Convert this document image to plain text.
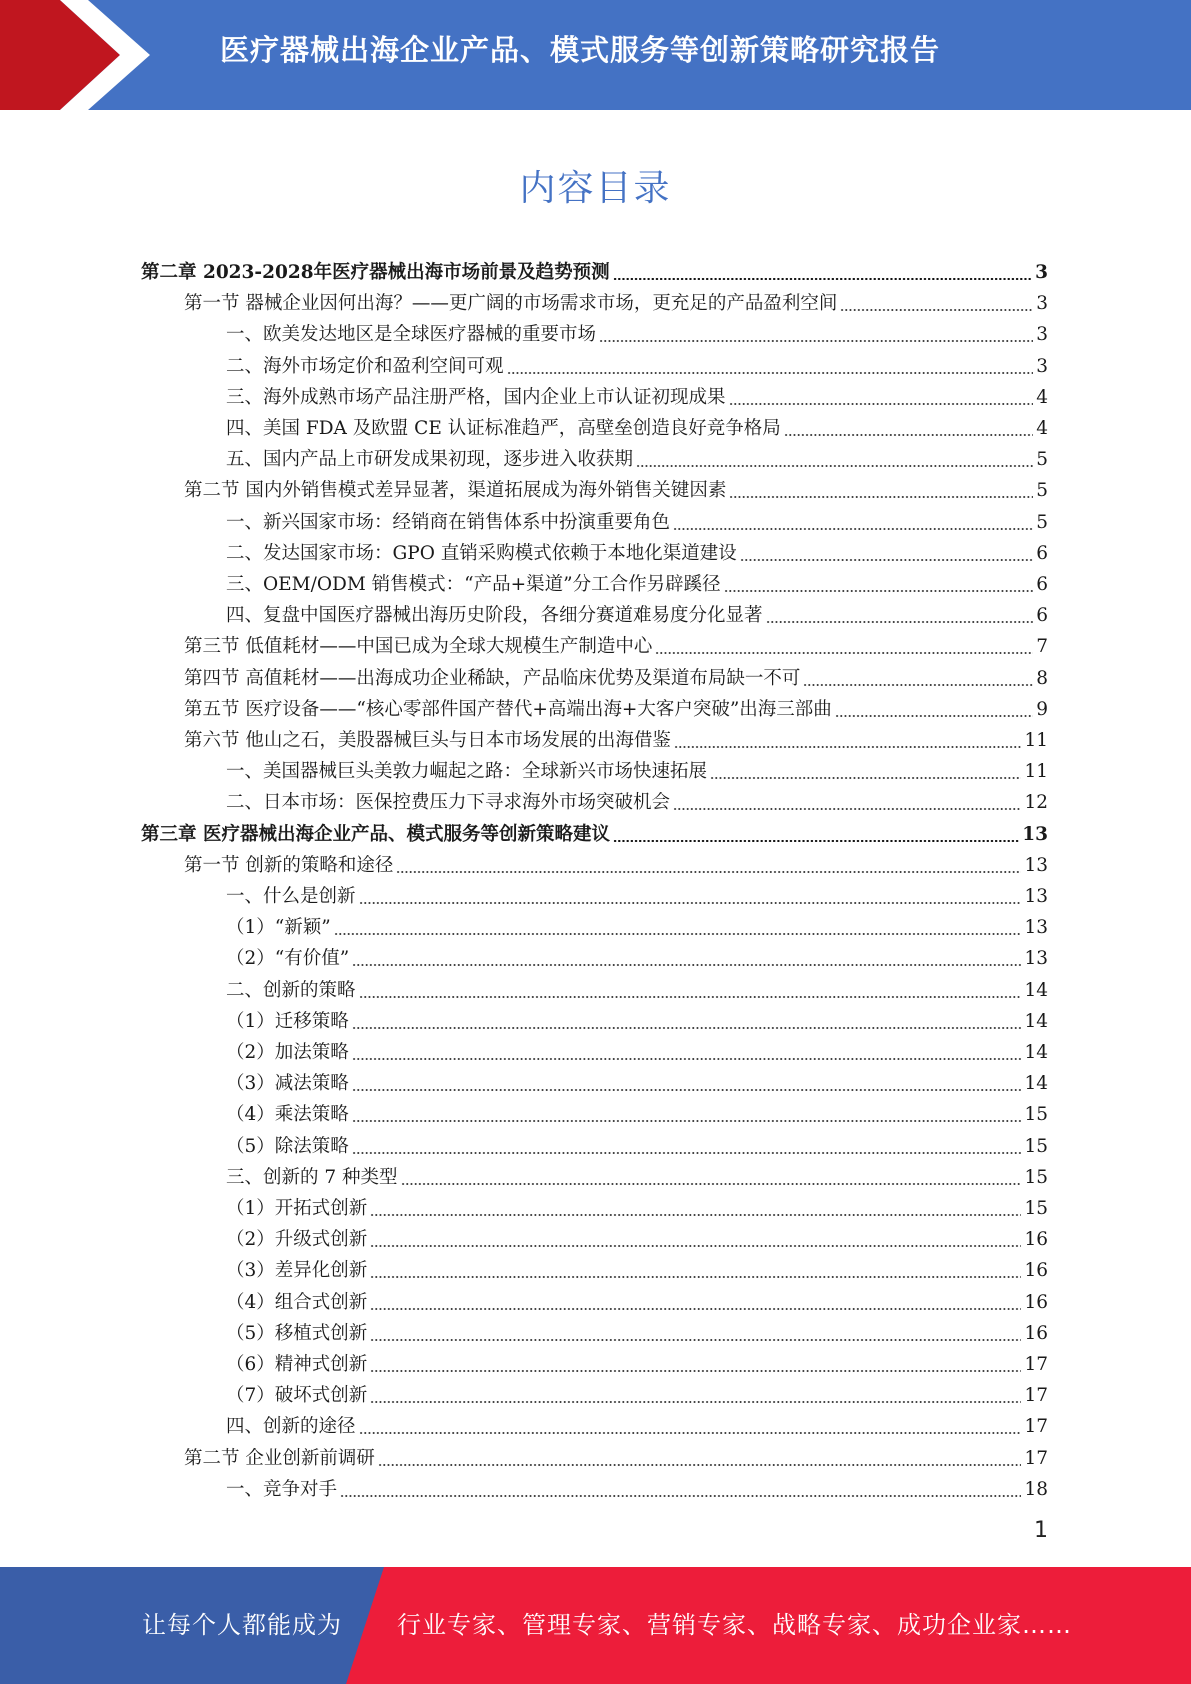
医疗器械出海企业产品、模式服务等创新策略研究报告
内容目录
第二章 2023-2028年医疗器械出海市场前景及趋势预测	3
第一节 器械企业因何出海？——更广阔的市场需求市场，更充足的产品盈利空间	3
一、欧美发达地区是全球医疗器械的重要市场	3
二、海外市场定价和盈利空间可观	3
三、海外成熟市场产品注册严格，国内企业上市认证初现成果	4
四、美国 FDA 及欧盟 CE 认证标准趋严，高壁垒创造良好竞争格局	4
五、国内产品上市研发成果初现，逐步进入收获期	5
第二节 国内外销售模式差异显著，渠道拓展成为海外销售关键因素	5
一、新兴国家市场：经销商在销售体系中扮演重要角色	5
二、发达国家市场：GPO 直销采购模式依赖于本地化渠道建设	6
三、OEM/ODM 销售模式：“产品+渠道”分工合作另辟蹊径	6
四、复盘中国医疗器械出海历史阶段，各细分赛道难易度分化显著	6
第三节 低值耗材——中国已成为全球大规模生产制造中心	7
第四节 高值耗材——出海成功企业稀缺，产品临床优势及渠道布局缺一不可	8
第五节 医疗设备——“核心零部件国产替代+高端出海+大客户突破”出海三部曲	9
第六节 他山之石，美股器械巨头与日本市场发展的出海借鉴	11
一、美国器械巨头美敦力崛起之路：全球新兴市场快速拓展	11
二、日本市场：医保控费压力下寻求海外市场突破机会	12
第三章 医疗器械出海企业产品、模式服务等创新策略建议	13
第一节 创新的策略和途径	13
一、什么是创新	13
（1）“新颖”	13
（2）“有价值”	13
二、创新的策略	14
（1）迁移策略	14
（2）加法策略	14
（3）减法策略	14
（4）乘法策略	15
（5）除法策略	15
三、创新的 7 种类型	15
（1）开拓式创新	15
（2）升级式创新	16
（3）差异化创新	16
（4）组合式创新	16
（5）移植式创新	16
（6）精神式创新	17
（7）破坏式创新	17
四、创新的途径	17
第二节 企业创新前调研	17
一、竞争对手	18
1
让每个人都能成为 行业专家、管理专家、营销专家、战略专家、成功企业家……
